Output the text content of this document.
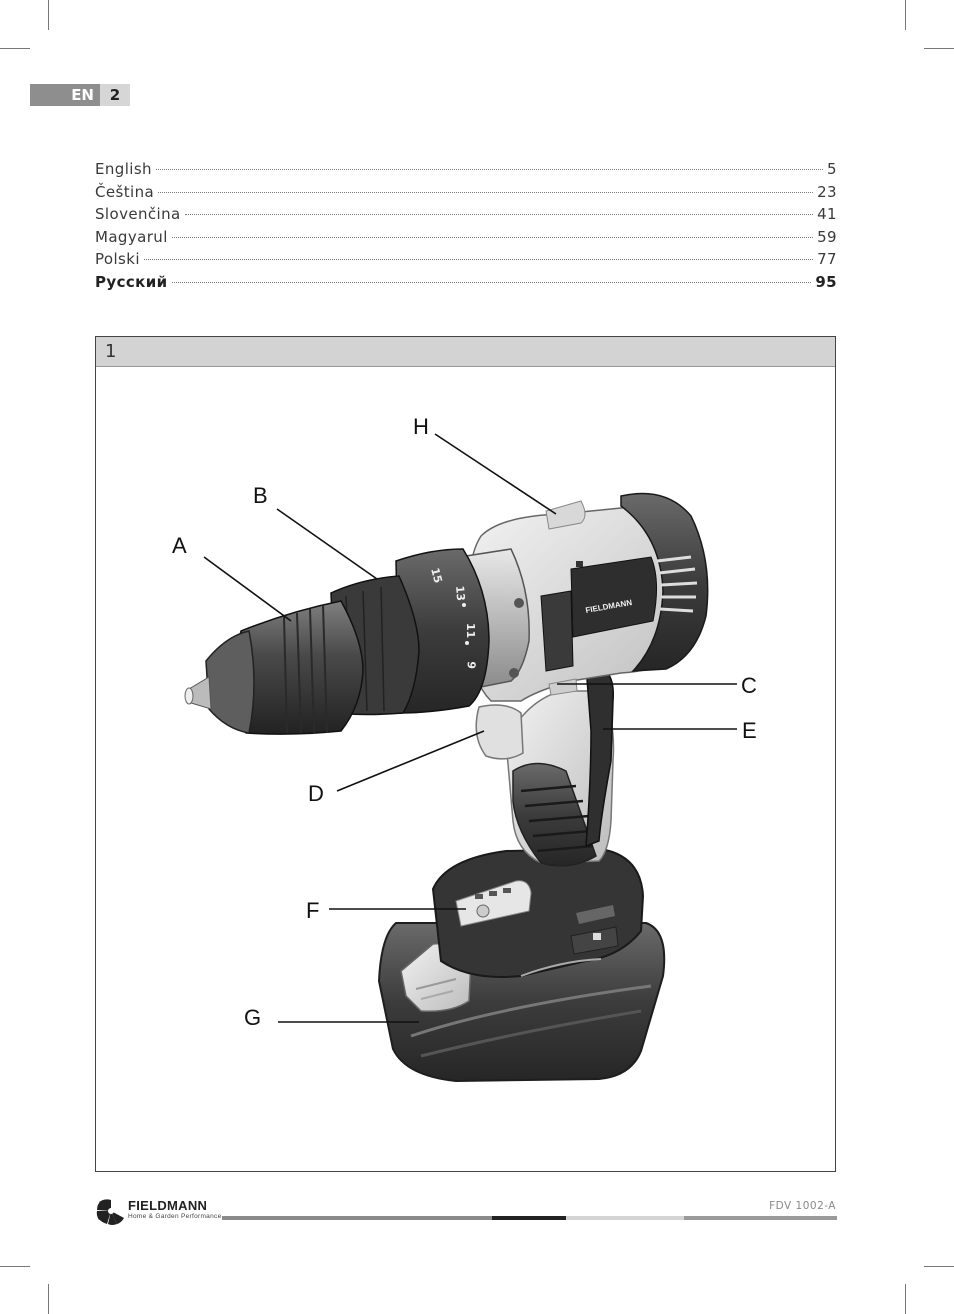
EN	2
English	5
Čeština	23
Slovenčina	41
Magyarul	59
Polski	77
Русский	95
1
FIELDMANN
15
13
11
9
H
B
A
C
E
D
F
G
FIELDMANN
Home & Garden Performance
FDV 1002-A
